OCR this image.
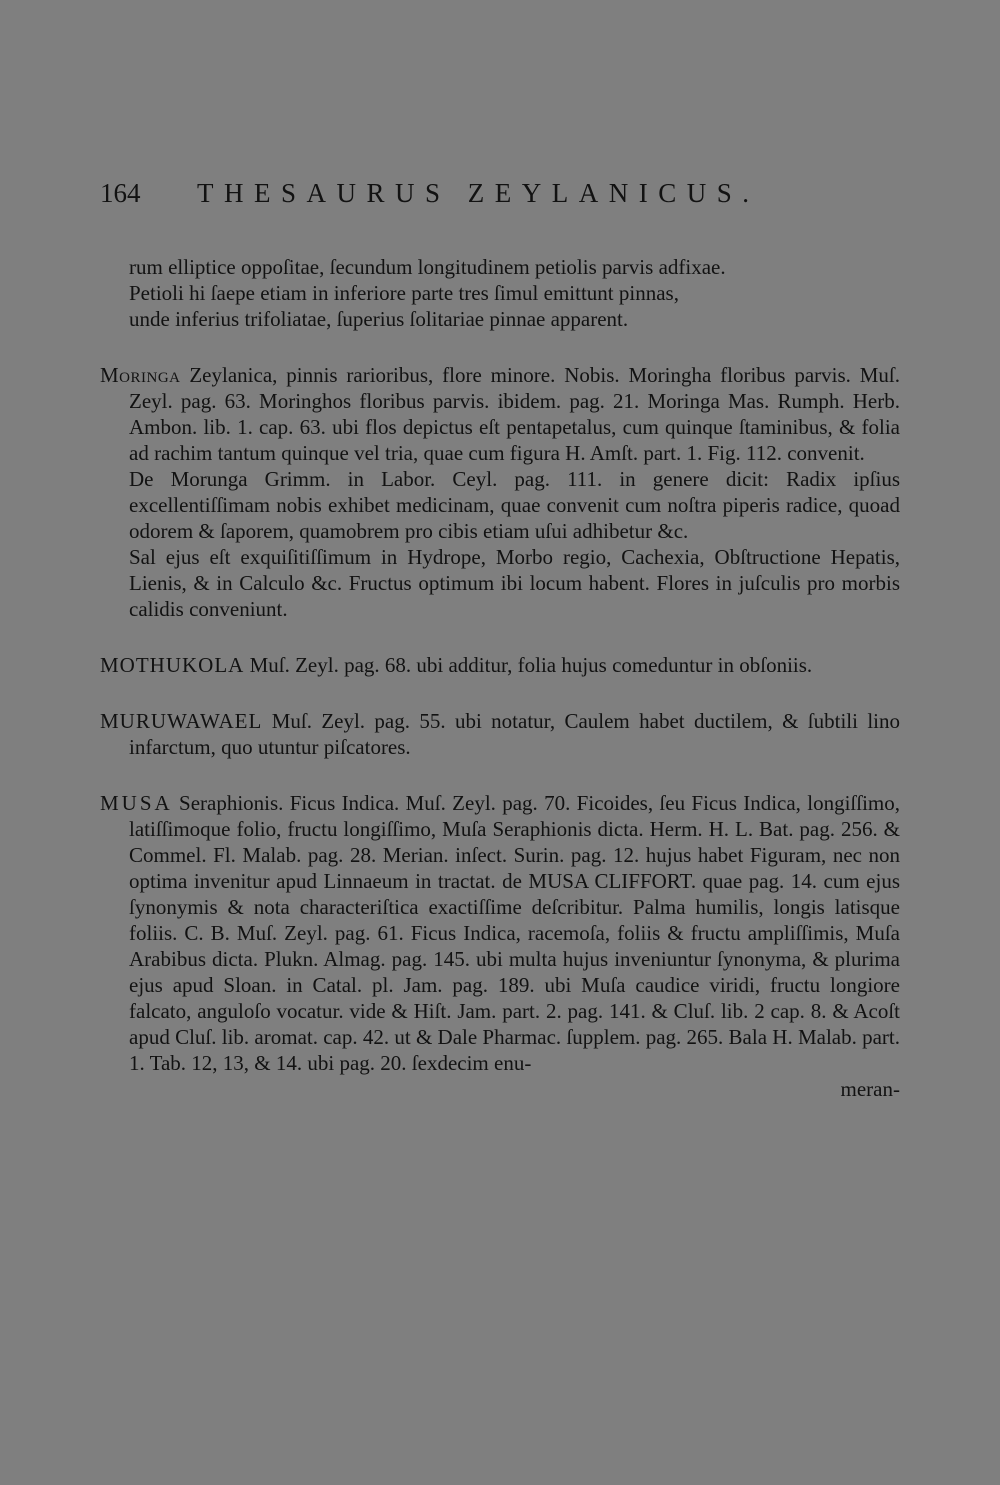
164 THESAURUS ZEYLANICUS.

rum elliptice oppoſitae, ſecundum longitudinem petiolis parvis adfixae.

Petioli hi ſaepe etiam in inferiore parte tres ſimul emittunt pinnas,

unde inferius trifoliatae, ſuperius ſolitariae pinnae apparent.

Moringa Zeylanica, pinnis rarioribus, flore minore. Nobis. Moringha floribus parvis. Muſ. Zeyl. pag. 63. Moringhos floribus parvis. ibidem. pag. 21. Moringa Mas. Rumph. Herb. Ambon. lib. 1. cap. 63. ubi flos depictus eſt pentapetalus, cum quinque ſtaminibus, & folia ad rachim tantum quinque vel tria, quae cum figura H. Amſt. part. 1. Fig. 112. convenit.

De Morunga Grimm. in Labor. Ceyl. pag. 111. in genere dicit: Radix ipſius excellentiſſimam nobis exhibet medicinam, quae convenit cum noſtra piperis radice, quoad odorem & ſaporem, quamobrem pro cibis etiam uſui adhibetur &c.

Sal ejus eſt exquiſitiſſimum in Hydrope, Morbo regio, Cachexia, Obſtructione Hepatis, Lienis, & in Calculo &c. Fructus optimum ibi locum habent. Flores in juſculis pro morbis calidis conveniunt.

MOTHUKOLA Muſ. Zeyl. pag. 68. ubi additur, folia hujus comeduntur in obſoniis.

MURUWAWAEL Muſ. Zeyl. pag. 55. ubi notatur, Caulem habet ductilem, & ſubtili lino infarctum, quo utuntur piſcatores.

MUSA Seraphionis. Ficus Indica. Muſ. Zeyl. pag. 70. Ficoides, ſeu Ficus Indica, longiſſimo, latiſſimoque folio, fructu longiſſimo, Muſa Seraphionis dicta. Herm. H. L. Bat. pag. 256. & Commel. Fl. Malab. pag. 28. Merian. inſect. Surin. pag. 12. hujus habet Figuram, nec non optima invenitur apud Linnaeum in tractat. de MUSA CLIFFORT. quae pag. 14. cum ejus ſynonymis & nota characteriſtica exactiſſime deſcribitur. Palma humilis, longis latisque foliis. C. B. Muſ. Zeyl. pag. 61. Ficus Indica, racemoſa, foliis & fructu ampliſſimis, Muſa Arabibus dicta. Plukn. Almag. pag. 145. ubi multa hujus inveniuntur ſynonyma, & plurima ejus apud Sloan. in Catal. pl. Jam. pag. 189. ubi Muſa caudice viridi, fructu longiore falcato, anguloſo vocatur. vide & Hiſt. Jam. part. 2. pag. 141. & Cluſ. lib. 2 cap. 8. & Acoſt apud Cluſ. lib. aromat. cap. 42. ut & Dale Pharmac. ſupplem. pag. 265. Bala H. Malab. part. 1. Tab. 12, 13, & 14. ubi pag. 20. ſexdecim enu-

meran-
